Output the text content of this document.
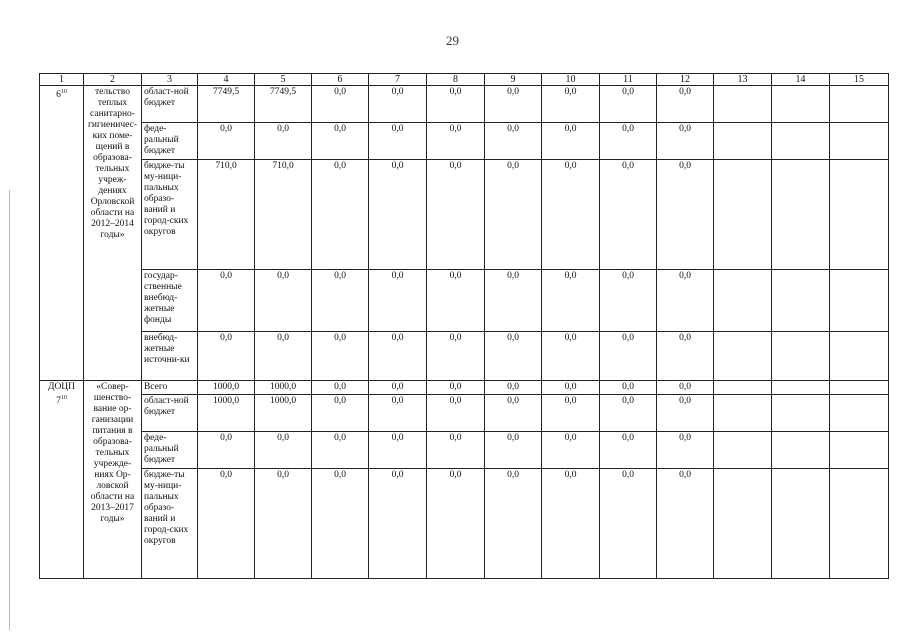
29
1	2	3	4	5	6	7	8	9	10	11	12	13	14	15
$6^{10}$	тельство теплых санитарно-гигиеничес-ких поме-щений в образова-тельных учреж-дениях Орловской области на 2012–2014 годы»	област-ной бюджет	7749,5	7749,5	0,0	0,0	0,0	0,0	0,0	0,0	0,0			
		феде-ральный бюджет	0,0	0,0	0,0	0,0	0,0	0,0	0,0	0,0	0,0			
		бюдже-ты му-ници-пальных образо-ваний и город-ских округов	710,0	710,0	0,0	0,0	0,0	0,0	0,0	0,0	0,0			
		государ-ственные внебюд-жетные фонды	0,0	0,0	0,0	0,0	0,0	0,0	0,0	0,0	0,0			
		внебюд-жетные источни-ки	0,0	0,0	0,0	0,0	0,0	0,0	0,0	0,0	0,0			
ДОЦП $7^{10}$	«Совер-шенство-вание ор-ганизации питания в образова-тельных учрежде-ниях Ор-ловской области на 2013–2017 годы»	Всего	1000,0	1000,0	0,0	0,0	0,0	0,0	0,0	0,0	0,0			
		област-ной бюджет	1000,0	1000,0	0,0	0,0	0,0	0,0	0,0	0,0	0,0			
		феде-ральный бюджет	0,0	0,0	0,0	0,0	0,0	0,0	0,0	0,0	0,0			
		бюдже-ты му-ници-пальных образо-ваний и город-ских округов	0,0	0,0	0,0	0,0	0,0	0,0	0,0	0,0	0,0			
